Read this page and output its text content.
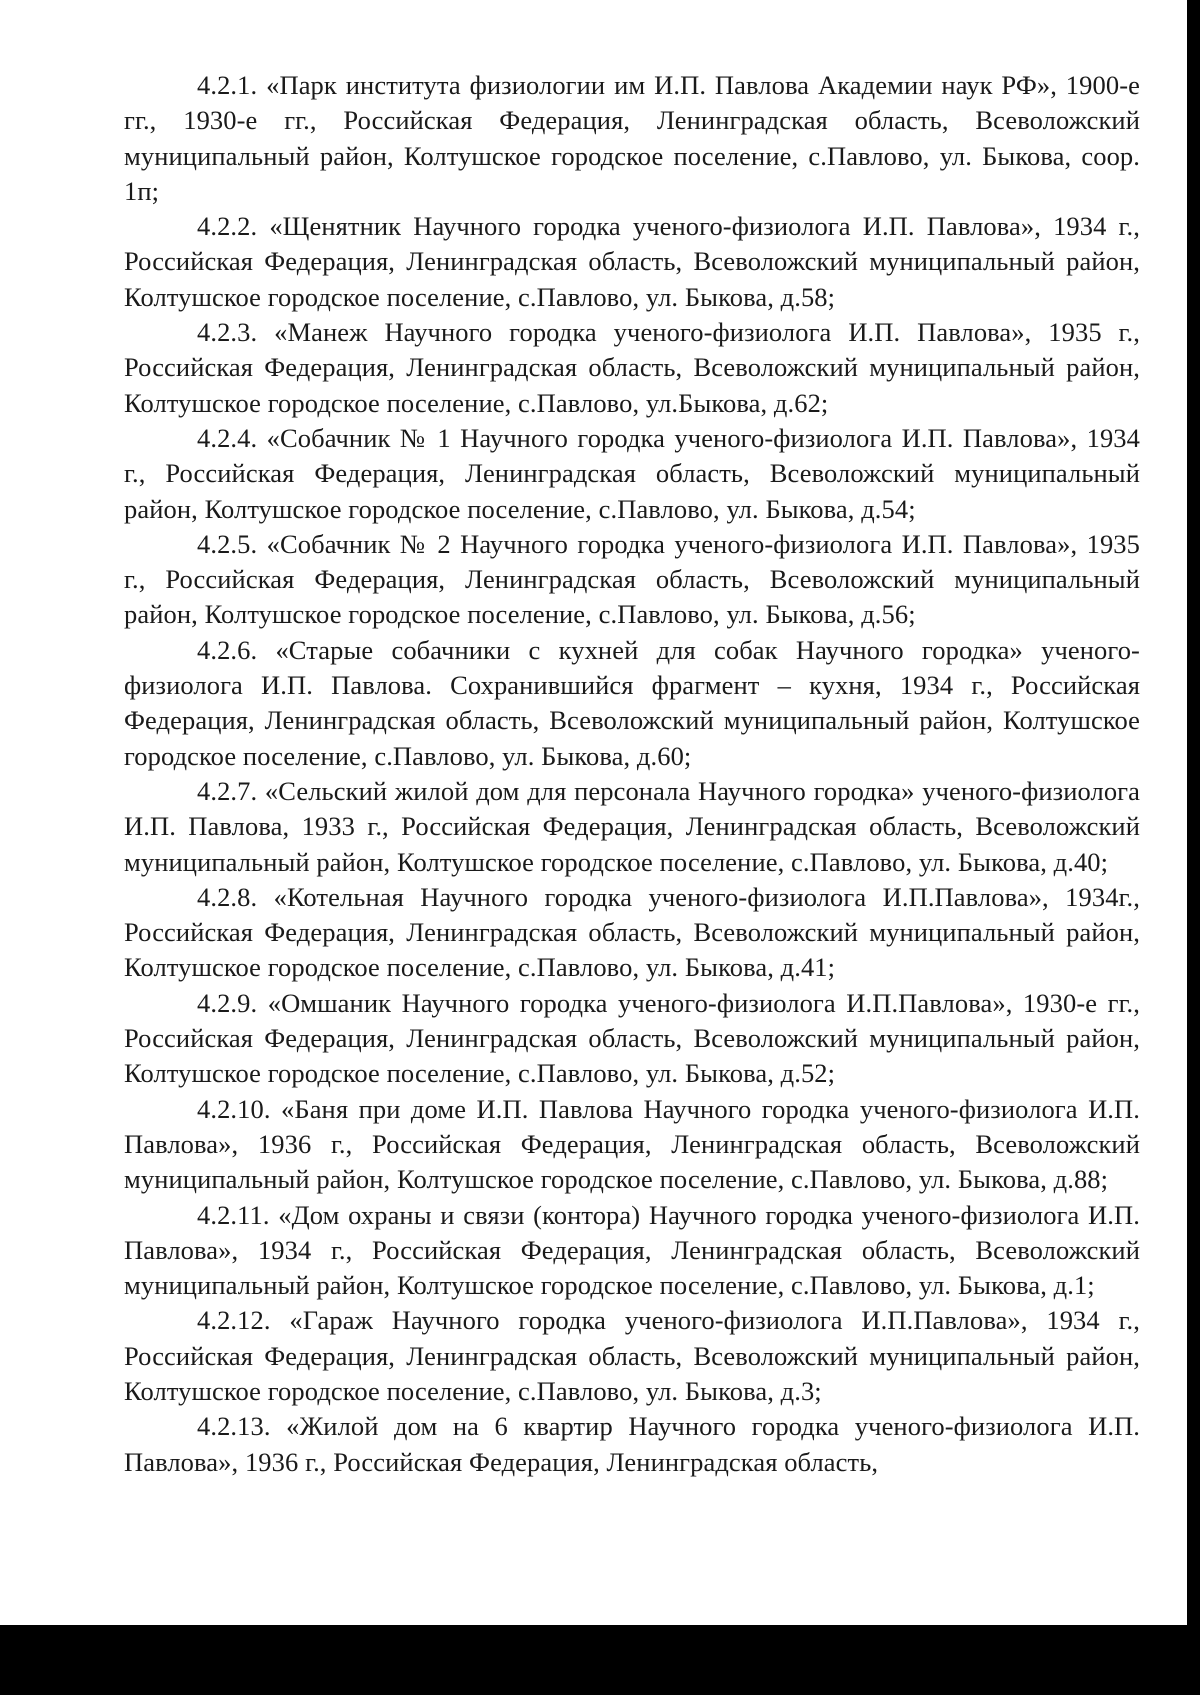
4.2.1. «Парк института физиологии им И.П. Павлова Академии наук РФ», 1900-е гг., 1930-е гг., Российская Федерация, Ленинградская область, Всеволожский муниципальный район, Колтушское городское поселение, с.Павлово, ул. Быкова, соор. 1п;

4.2.2. «Щенятник Научного городка ученого-физиолога И.П. Павлова», 1934 г., Российская Федерация, Ленинградская область, Всеволожский муниципальный район, Колтушское городское поселение, с.Павлово, ул. Быкова, д.58;

4.2.3. «Манеж Научного городка ученого-физиолога И.П. Павлова», 1935 г., Российская Федерация, Ленинградская область, Всеволожский муниципальный район, Колтушское городское поселение, с.Павлово, ул.Быкова, д.62;

4.2.4. «Собачник № 1 Научного городка ученого-физиолога И.П. Павлова», 1934 г., Российская Федерация, Ленинградская область, Всеволожский муниципальный район, Колтушское городское поселение, с.Павлово, ул. Быкова, д.54;

4.2.5. «Собачник № 2 Научного городка ученого-физиолога И.П. Павлова», 1935 г., Российская Федерация, Ленинградская область, Всеволожский муниципальный район, Колтушское городское поселение, с.Павлово, ул. Быкова, д.56;

4.2.6. «Старые собачники с кухней для собак Научного городка» ученого-физиолога И.П. Павлова. Сохранившийся фрагмент – кухня, 1934 г., Российская Федерация, Ленинградская область, Всеволожский муниципальный район, Колтушское городское поселение, с.Павлово, ул. Быкова, д.60;

4.2.7. «Сельский жилой дом для персонала Научного городка» ученого-физиолога И.П. Павлова, 1933 г., Российская Федерация, Ленинградская область, Всеволожский муниципальный район, Колтушское городское поселение, с.Павлово, ул. Быкова, д.40;

4.2.8. «Котельная Научного городка ученого-физиолога И.П.Павлова», 1934г., Российская Федерация, Ленинградская область, Всеволожский муниципальный район, Колтушское городское поселение, с.Павлово, ул. Быкова, д.41;

4.2.9. «Омшаник Научного городка ученого-физиолога И.П.Павлова», 1930-е гг., Российская Федерация, Ленинградская область, Всеволожский муниципальный район, Колтушское городское поселение, с.Павлово, ул. Быкова, д.52;

4.2.10. «Баня при доме И.П. Павлова Научного городка ученого-физиолога И.П. Павлова», 1936 г., Российская Федерация, Ленинградская область, Всеволожский муниципальный район, Колтушское городское поселение, с.Павлово, ул. Быкова, д.88;

4.2.11. «Дом охраны и связи (контора) Научного городка ученого-физиолога И.П. Павлова», 1934 г., Российская Федерация, Ленинградская область, Всеволожский муниципальный район, Колтушское городское поселение, с.Павлово, ул. Быкова, д.1;

4.2.12. «Гараж Научного городка ученого-физиолога И.П.Павлова», 1934 г., Российская Федерация, Ленинградская область, Всеволожский муниципальный район, Колтушское городское поселение, с.Павлово, ул. Быкова, д.3;

4.2.13. «Жилой дом на 6 квартир Научного городка ученого-физиолога И.П. Павлова», 1936 г., Российская Федерация, Ленинградская область,
